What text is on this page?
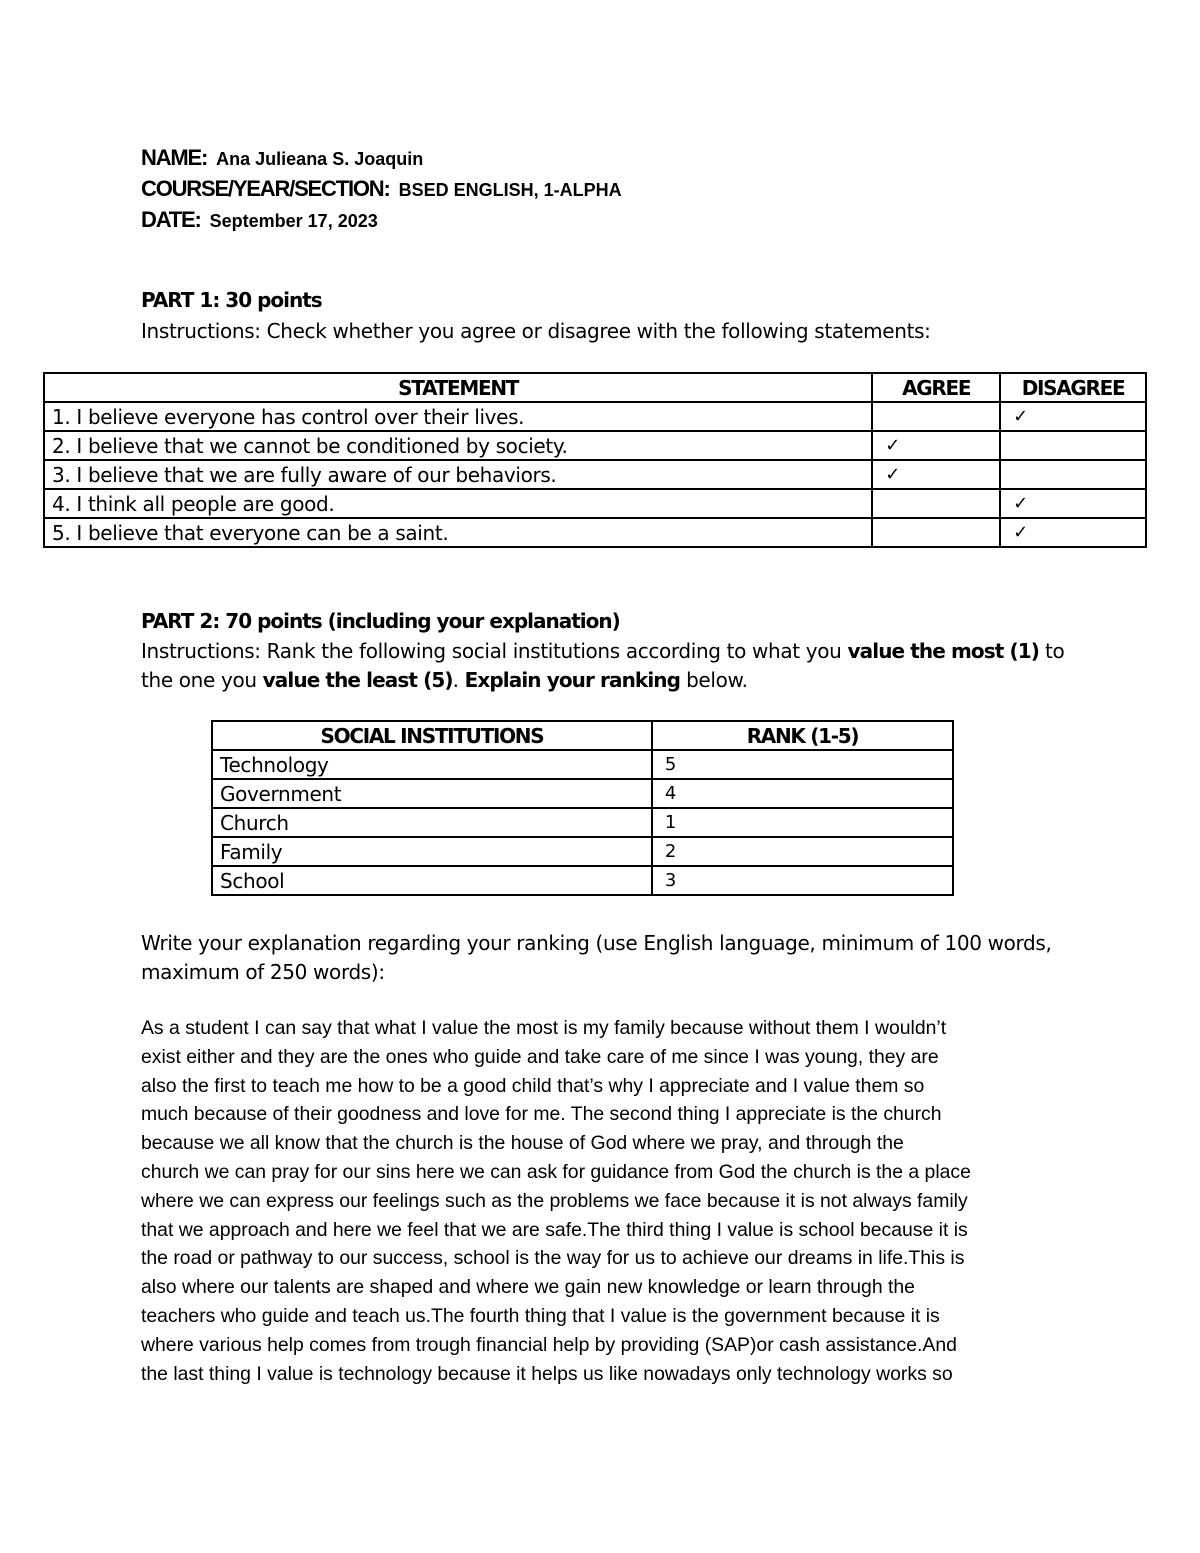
NAME: Ana Julieana S. Joaquin
COURSE/YEAR/SECTION: BSED ENGLISH, 1-ALPHA
DATE: September 17, 2023
PART 1: 30 points
Instructions: Check whether you agree or disagree with the following statements:
STATEMENT	AGREE	DISAGREE
1. I believe everyone has control over their lives.		✓
2. I believe that we cannot be conditioned by society.	✓	
3. I believe that we are fully aware of our behaviors.	✓	
4. I think all people are good.		✓
5. I believe that everyone can be a saint.		✓
PART 2: 70 points (including your explanation)
Instructions: Rank the following social institutions according to what you value the most (1) to the one you value the least (5). Explain your ranking below.
SOCIAL INSTITUTIONS	RANK (1-5)
Technology	5
Government	4
Church	1
Family	2
School	3
Write your explanation regarding your ranking (use English language, minimum of 100 words, maximum of 250 words):
As a student I can say that what I value the most is my family because without them I wouldn’t
exist either and they are the ones who guide and take care of me since I was young, they are
also the first to teach me how to be a good child that’s why I appreciate and I value them so
much because of their goodness and love for me. The second thing I appreciate is the church
because we all know that the church is the house of God where we pray, and through the
church we can pray for our sins here we can ask for guidance from God the church is the a place
where we can express our feelings such as the problems we face because it is not always family
that we approach and here we feel that we are safe.The third thing I value is school because it is
the road or pathway to our success, school is the way for us to achieve our dreams in life.This is
also where our talents are shaped and where we gain new knowledge or learn through the
teachers who guide and teach us.The fourth thing that I value is the government because it is
where various help comes from trough financial help by providing (SAP)or cash assistance.And
the last thing I value is technology because it helps us like nowadays only technology works so
